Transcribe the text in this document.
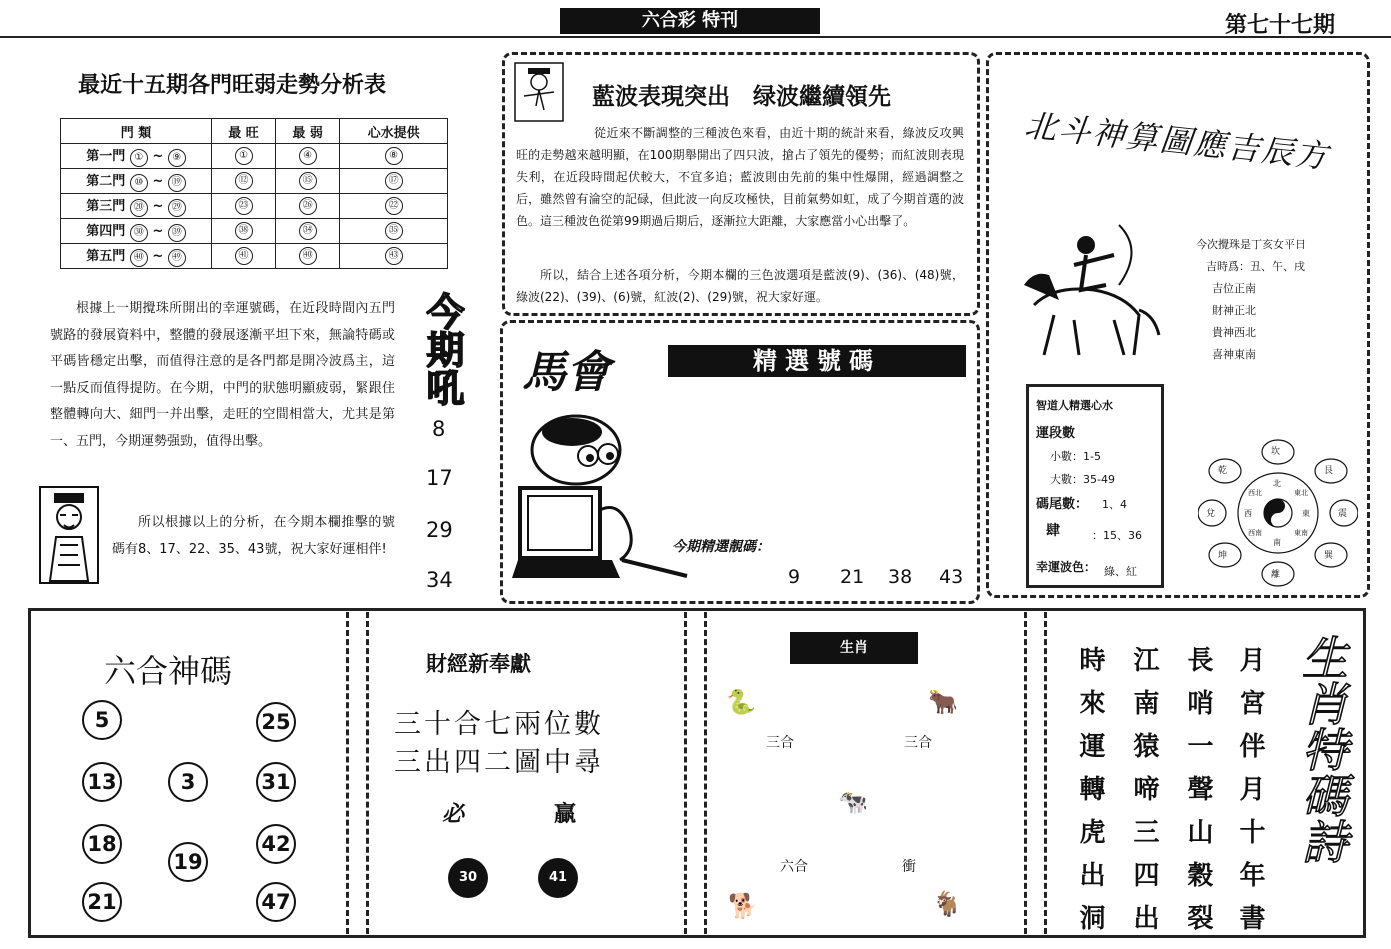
六合彩 特刊	第七十七期
最近十五期各門旺弱走勢分析表
門 類	最 旺	最 弱	心水提供
第一門 ① ~ ⑨	①	④	⑧
第二門 ⑩ ~ ⑲	⑫	⑮	⑰
第三門 ⑳ ~ ㉙	㉓	㉖	㉒
第四門 ㉚ ~ ㊴	㊳	㉞	㉟
第五門 ㊵ ~ ㊾	㊶	㊵	㊸
根據上一期攪珠所開出的幸運號碼，在近段時間內五門號路的發展資料中，整體的發展逐漸平坦下來，無論特碼或平碼皆穩定出擊，而值得注意的是各門都是開冷波爲主，這一點反而值得提防。在今期，中門的狀態明顯疲弱，緊跟住整體轉向大、細門一并出擊，走旺的空間相當大，尤其是第一、五門，今期運勢强勁，值得出擊。
所以根據以上的分析，在今期本欄推擊的號碼有8、17、22、35、43號，祝大家好運相伴!
今期吼
8
17
29
34
藍波表現突出　绿波繼續領先
從近來不斷調整的三種波色來看，由近十期的統計來看，綠波反攻興旺的走勢越來越明顯，在100期舉開出了四只波，搶占了領先的優勢；而紅波則表現失利，在近段時間起伏較大，不宜多追；藍波則由先前的集中性爆開，經過調整之后，雖然曾有淪空的記碌，但此波一向反攻極快，目前氣勢如虹，成了今期首選的波色。這三種波色從第99期過后期后，逐漸拉大距離，大家應當小心出擊了。
所以，結合上述各項分析，今期本欄的三色波選項是藍波(9)、(36)、(48)號，綠波(22)、(39)、(6)號，紅波(2)、(29)號，祝大家好運。
馬會	精選號碼
今期精選靚碼：
9 21 38 43
北斗神算圖應吉辰方
今次攪珠是丁亥女平日
吉時爲：丑、午、戌
吉位正南
財神正北
貴神西北
喜神東南
智道人精選心水
運段數
小數：1-5
大數：35-49
碼尾數： 1、4
肆	：15、36
幸運波色： 綠、紅
坎
艮
震
巽
離
坤
兌
乾
北
東
南
西
東北
西北
東南
西南
六合神碼
5	25
13	3	31
18
19
42
21	47
財經新奉獻
三十合七兩位數
三出四二圖中尋
必	贏
30	41
生肖
🐍	🐂
三合	三合
🐄
六合	衝
🐕	🐐	月宮伴月十年書
長哨一聲山穀裂
江南猿啼三四出
時來運轉虎出洞	生肖特碼詩
